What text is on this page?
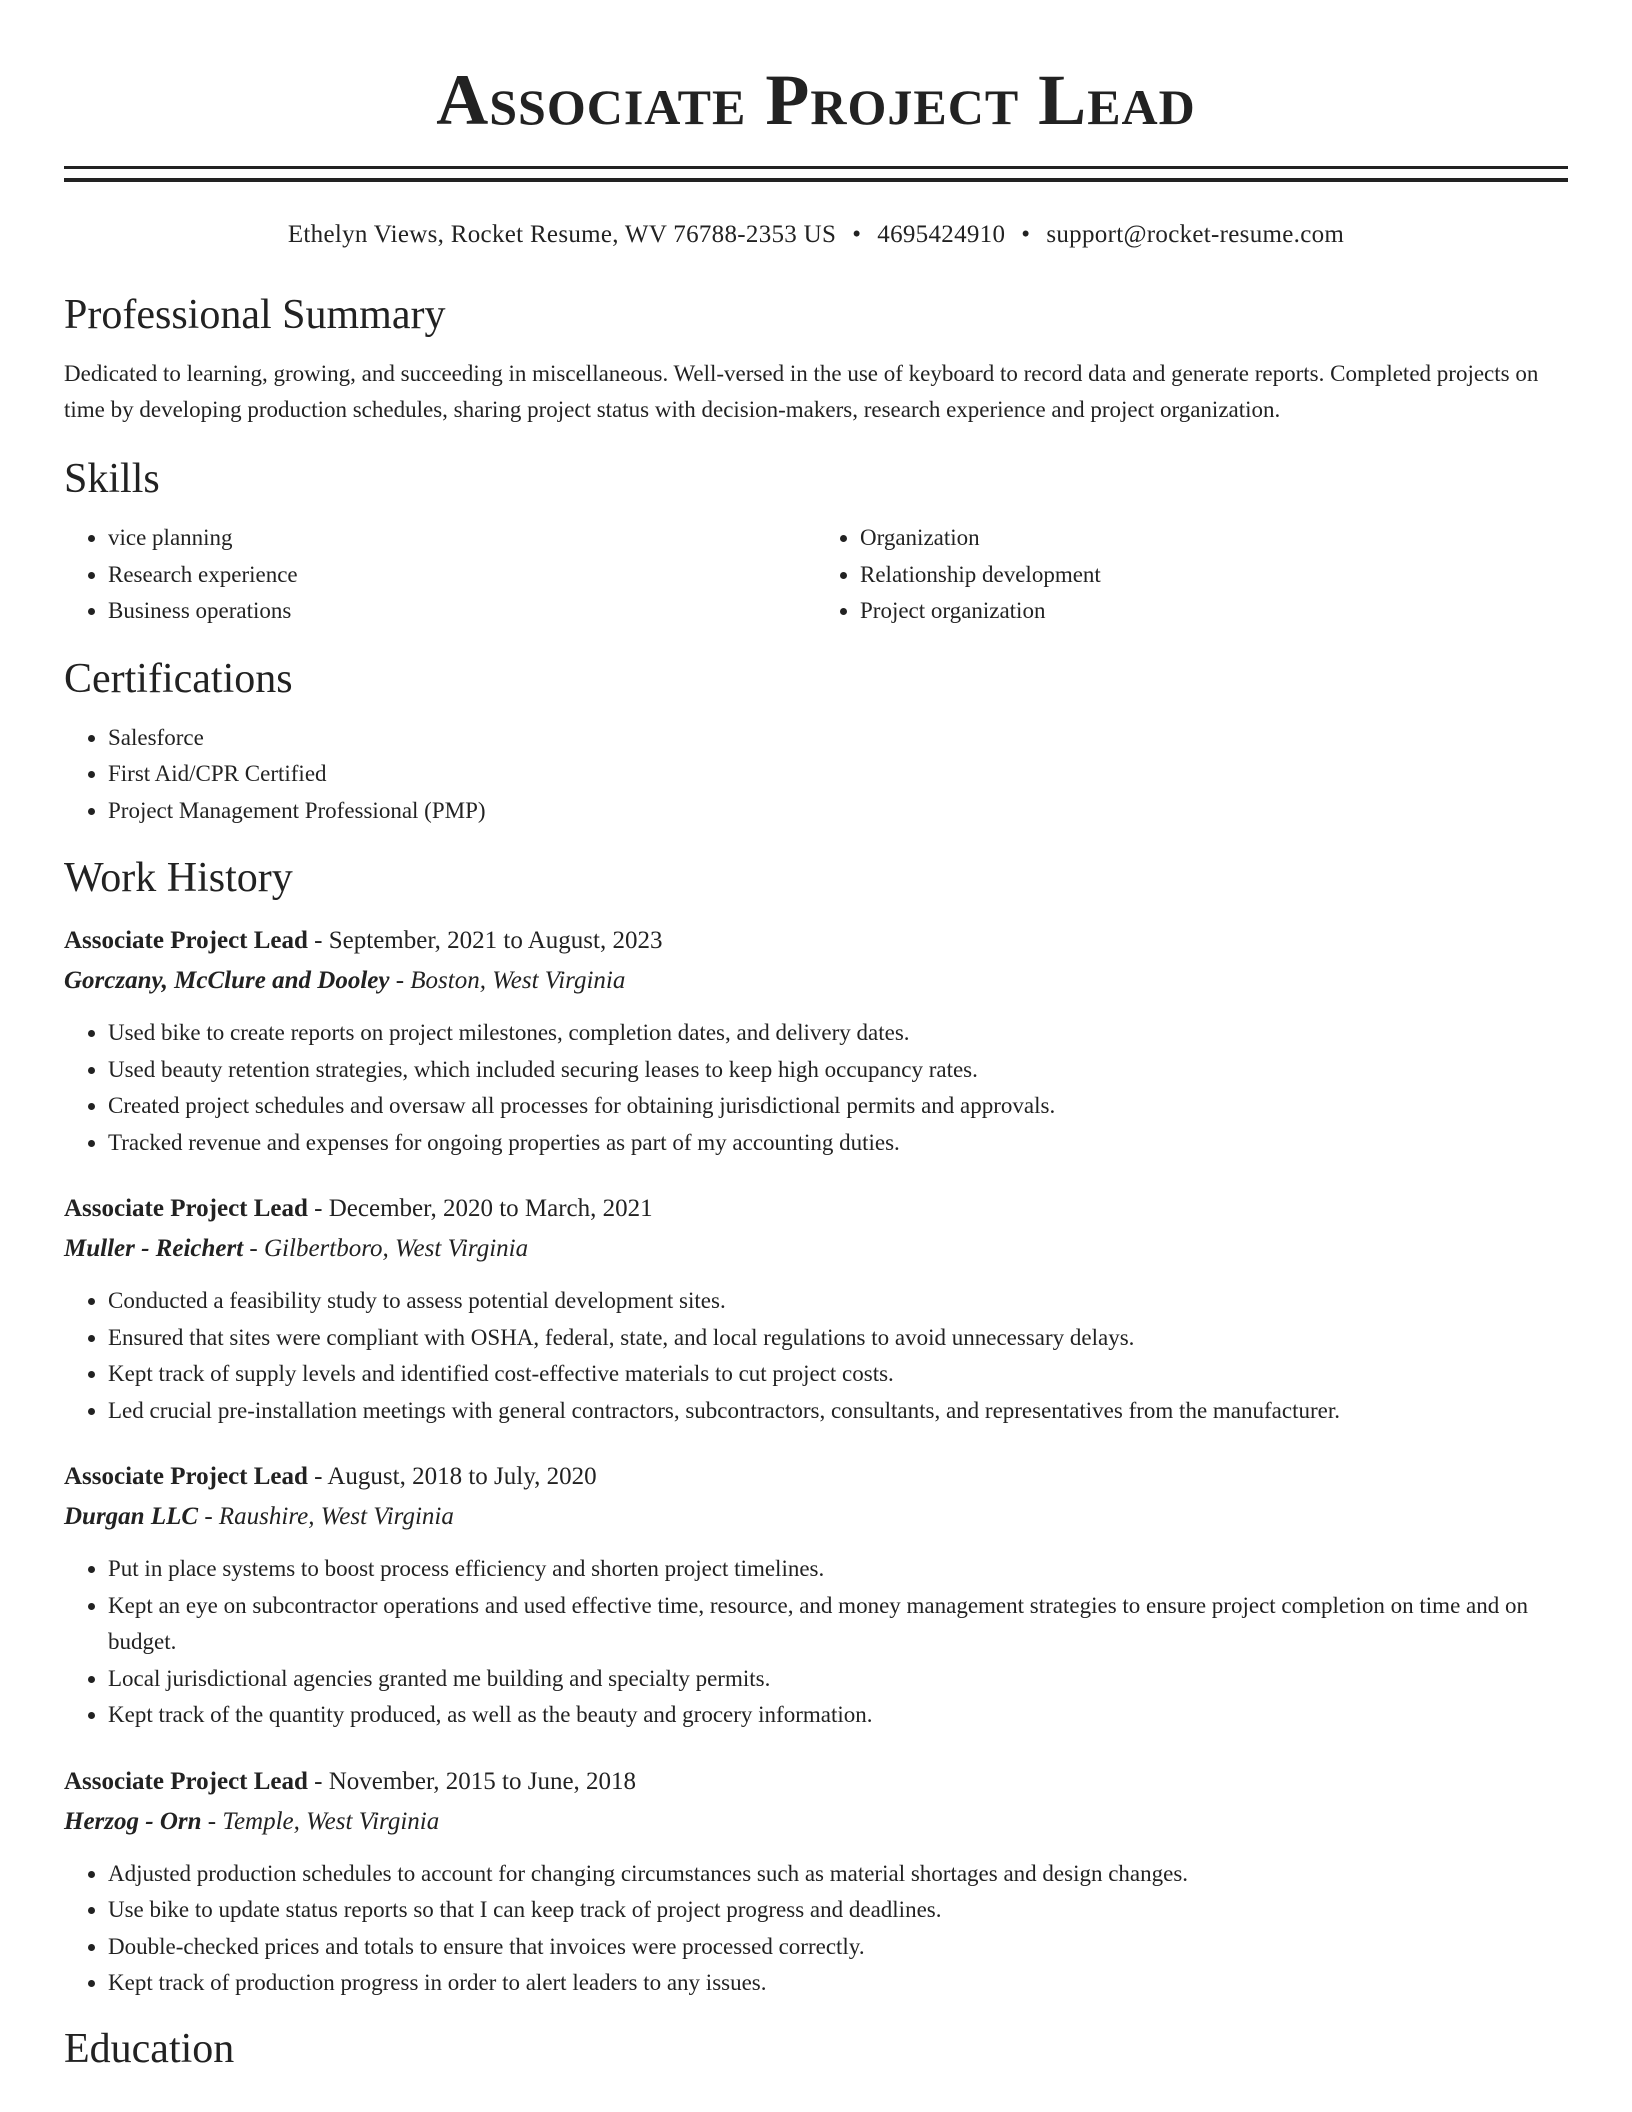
Associate Project Lead
Ethelyn Views, Rocket Resume, WV 76788-2353 US • 4695424910 • support@rocket-resume.com
Professional Summary

Dedicated to learning, growing, and succeeding in miscellaneous. Well-versed in the use of keyboard to record data and generate reports. Completed projects on time by developing production schedules, sharing project status with decision-makers, research experience and project organization.

Skills
• vice planning
• Research experience
• Business operations
• Organization
• Relationship development
• Project organization
Certifications
• Salesforce
• First Aid/CPR Certified
• Project Management Professional (PMP)
Work History
Associate Project Lead - September, 2021 to August, 2023
Gorczany, McClure and Dooley - Boston, West Virginia
• Used bike to create reports on project milestones, completion dates, and delivery dates.
• Used beauty retention strategies, which included securing leases to keep high occupancy rates.
• Created project schedules and oversaw all processes for obtaining jurisdictional permits and approvals.
• Tracked revenue and expenses for ongoing properties as part of my accounting duties.
Associate Project Lead - December, 2020 to March, 2021
Muller - Reichert - Gilbertboro, West Virginia
• Conducted a feasibility study to assess potential development sites.
• Ensured that sites were compliant with OSHA, federal, state, and local regulations to avoid unnecessary delays.
• Kept track of supply levels and identified cost-effective materials to cut project costs.
• Led crucial pre-installation meetings with general contractors, subcontractors, consultants, and representatives from the manufacturer.
Associate Project Lead - August, 2018 to July, 2020
Durgan LLC - Raushire, West Virginia
• Put in place systems to boost process efficiency and shorten project timelines.
• Kept an eye on subcontractor operations and used effective time, resource, and money management strategies to ensure project completion on time and on budget.
• Local jurisdictional agencies granted me building and specialty permits.
• Kept track of the quantity produced, as well as the beauty and grocery information.
Associate Project Lead - November, 2015 to June, 2018
Herzog - Orn - Temple, West Virginia
• Adjusted production schedules to account for changing circumstances such as material shortages and design changes.
• Use bike to update status reports so that I can keep track of project progress and deadlines.
• Double-checked prices and totals to ensure that invoices were processed correctly.
• Kept track of production progress in order to alert leaders to any issues.
Education
